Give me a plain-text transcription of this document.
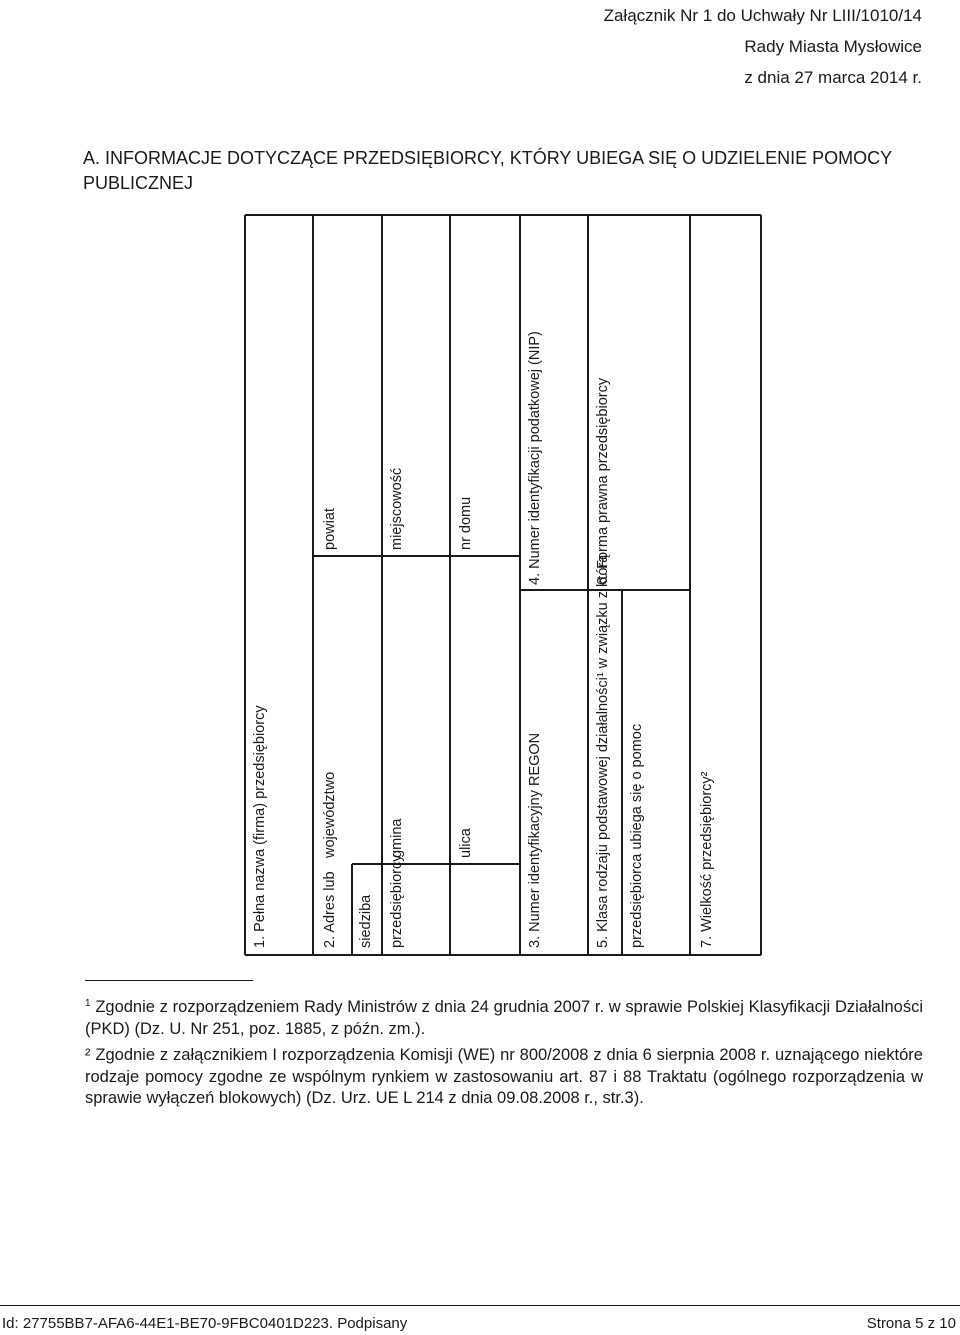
Załącznik Nr 1 do Uchwały Nr LIII/1010/14
Rady Miasta Mysłowice
z dnia 27 marca 2014 r.
A. INFORMACJE DOTYCZĄCE PRZEDSIĘBIORCY, KTÓRY UBIEGA SIĘ O UDZIELENIE POMOCY PUBLICZNEJ
1. Pełna nazwa (firma) przedsiębiorcy	2. Adres lub siedziba przedsiębiorcy
województwo
powiat
gmina
miejscowość
ulica
nr domu
3. Numer identyfikacyjny REGON
4. Numer identyfikacji podatkowej (NIP)
5. Klasa rodzaju podstawowej działalności¹ w związku z którą przedsiębiorca ubiega się o pomoc
6. Forma prawna przedsiębiorcy
7. Wielkość przedsiębiorcy²

$^1$ Zgodnie z rozporządzeniem Rady Ministrów z dnia 24 grudnia 2007 r. w sprawie Polskiej Klasyfikacji Działalności (PKD) (Dz. U. Nr 251, poz. 1885, z późn. zm.).

² Zgodnie z załącznikiem I rozporządzenia Komisji (WE) nr 800/2008 z dnia 6 sierpnia 2008 r. uznającego niektóre rodzaje pomocy zgodne ze wspólnym rynkiem w zastosowaniu art. 87 i 88 Traktatu (ogólnego rozporządzenia w sprawie wyłączeń blokowych) (Dz. Urz. UE L 214 z dnia 09.08.2008 r., str.3).

Id: 27755BB7-AFA6-44E1-BE70-9FBC0401D223. Podpisany	Strona 5 z 10
